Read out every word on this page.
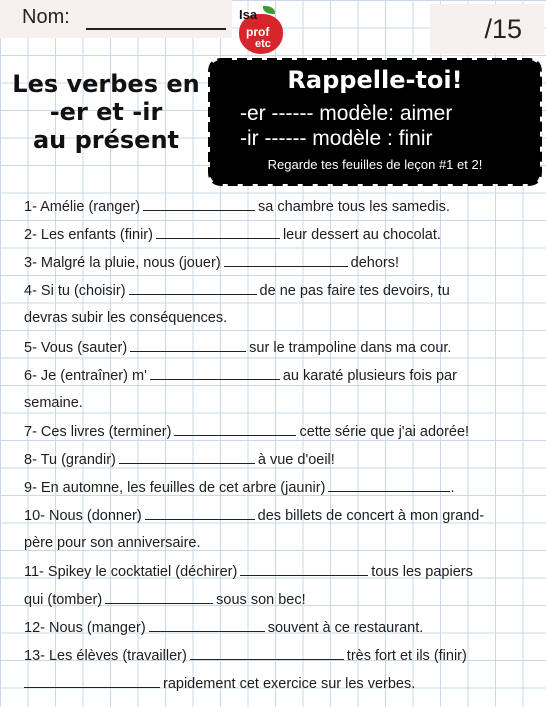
Nom:	/15
Isa
prof
etc
Les verbes en
-er et -ir
au présent
Rappelle-toi!
-er ------ modèle: aimer
-ir ------ modèle : finir
Regarde tes feuilles de leçon #1 et 2!
1- Amélie (ranger)	sa chambre tous les samedis.
2- Les enfants (finir)	leur dessert au chocolat.
3- Malgré la pluie, nous (jouer)	dehors!
4- Si tu (choisir)	de ne pas faire tes devoirs, tu
devras subir les conséquences.
5- Vous (sauter)	sur le trampoline dans ma cour.
6- Je (entraîner) m'	au karaté plusieurs fois par
semaine.
7- Ces livres (terminer)	cette série que j'ai adorée!
8- Tu (grandir)	à vue d'oeil!
9- En automne, les feuilles de cet arbre (jaunir)	.
10- Nous (donner)	des billets de concert à mon grand-
père pour son anniversaire.
11- Spikey le cocktatiel (déchirer)	tous les papiers
qui (tomber)	sous son bec!
12- Nous (manger)	souvent à ce restaurant.
13- Les élèves (travailler)	très fort et ils (finir)
rapidement cet exercice sur les verbes.
